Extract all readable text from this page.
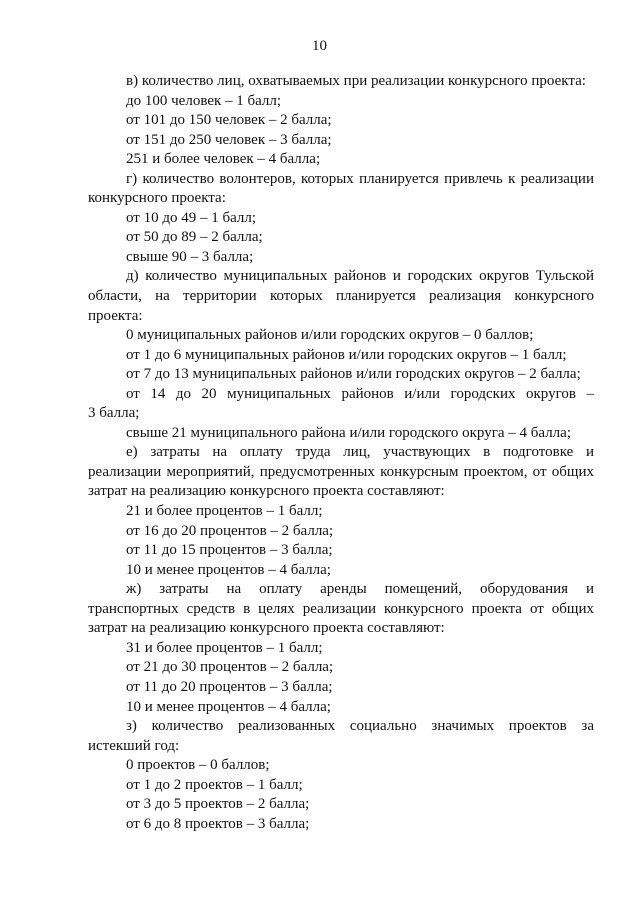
10
в) количество лиц, охватываемых при реализации конкурсного проекта:
до 100 человек – 1 балл;
от 101 до 150 человек – 2 балла;
от 151 до 250 человек – 3 балла;
251 и более человек – 4 балла;
г) количество волонтеров, которых планируется привлечь к реализации
конкурсного проекта:
от 10 до 49 – 1 балл;
от 50 до 89 – 2 балла;
свыше 90 – 3 балла;
д) количество муниципальных районов и городских округов Тульской
области, на территории которых планируется реализация конкурсного
проекта:
0 муниципальных районов и/или городских округов – 0 баллов;
от 1 до 6 муниципальных районов и/или городских округов – 1 балл;
от 7 до 13 муниципальных районов и/или городских округов – 2 балла;
от 14 до 20 муниципальных районов и/или городских округов –
3 балла;
свыше 21 муниципального района и/или городского округа – 4 балла;
е) затраты на оплату труда лиц, участвующих в подготовке и
реализации мероприятий, предусмотренных конкурсным проектом, от общих
затрат на реализацию конкурсного проекта составляют:
21 и более процентов – 1 балл;
от 16 до 20 процентов – 2 балла;
от 11 до 15 процентов – 3 балла;
10 и менее процентов – 4 балла;
ж) затраты на оплату аренды помещений, оборудования и
транспортных средств в целях реализации конкурсного проекта от общих
затрат на реализацию конкурсного проекта составляют:
31 и более процентов – 1 балл;
от 21 до 30 процентов – 2 балла;
от 11 до 20 процентов – 3 балла;
10 и менее процентов – 4 балла;
з) количество реализованных социально значимых проектов за
истекший год:
0 проектов – 0 баллов;
от 1 до 2 проектов – 1 балл;
от 3 до 5 проектов – 2 балла;
от 6 до 8 проектов – 3 балла;
